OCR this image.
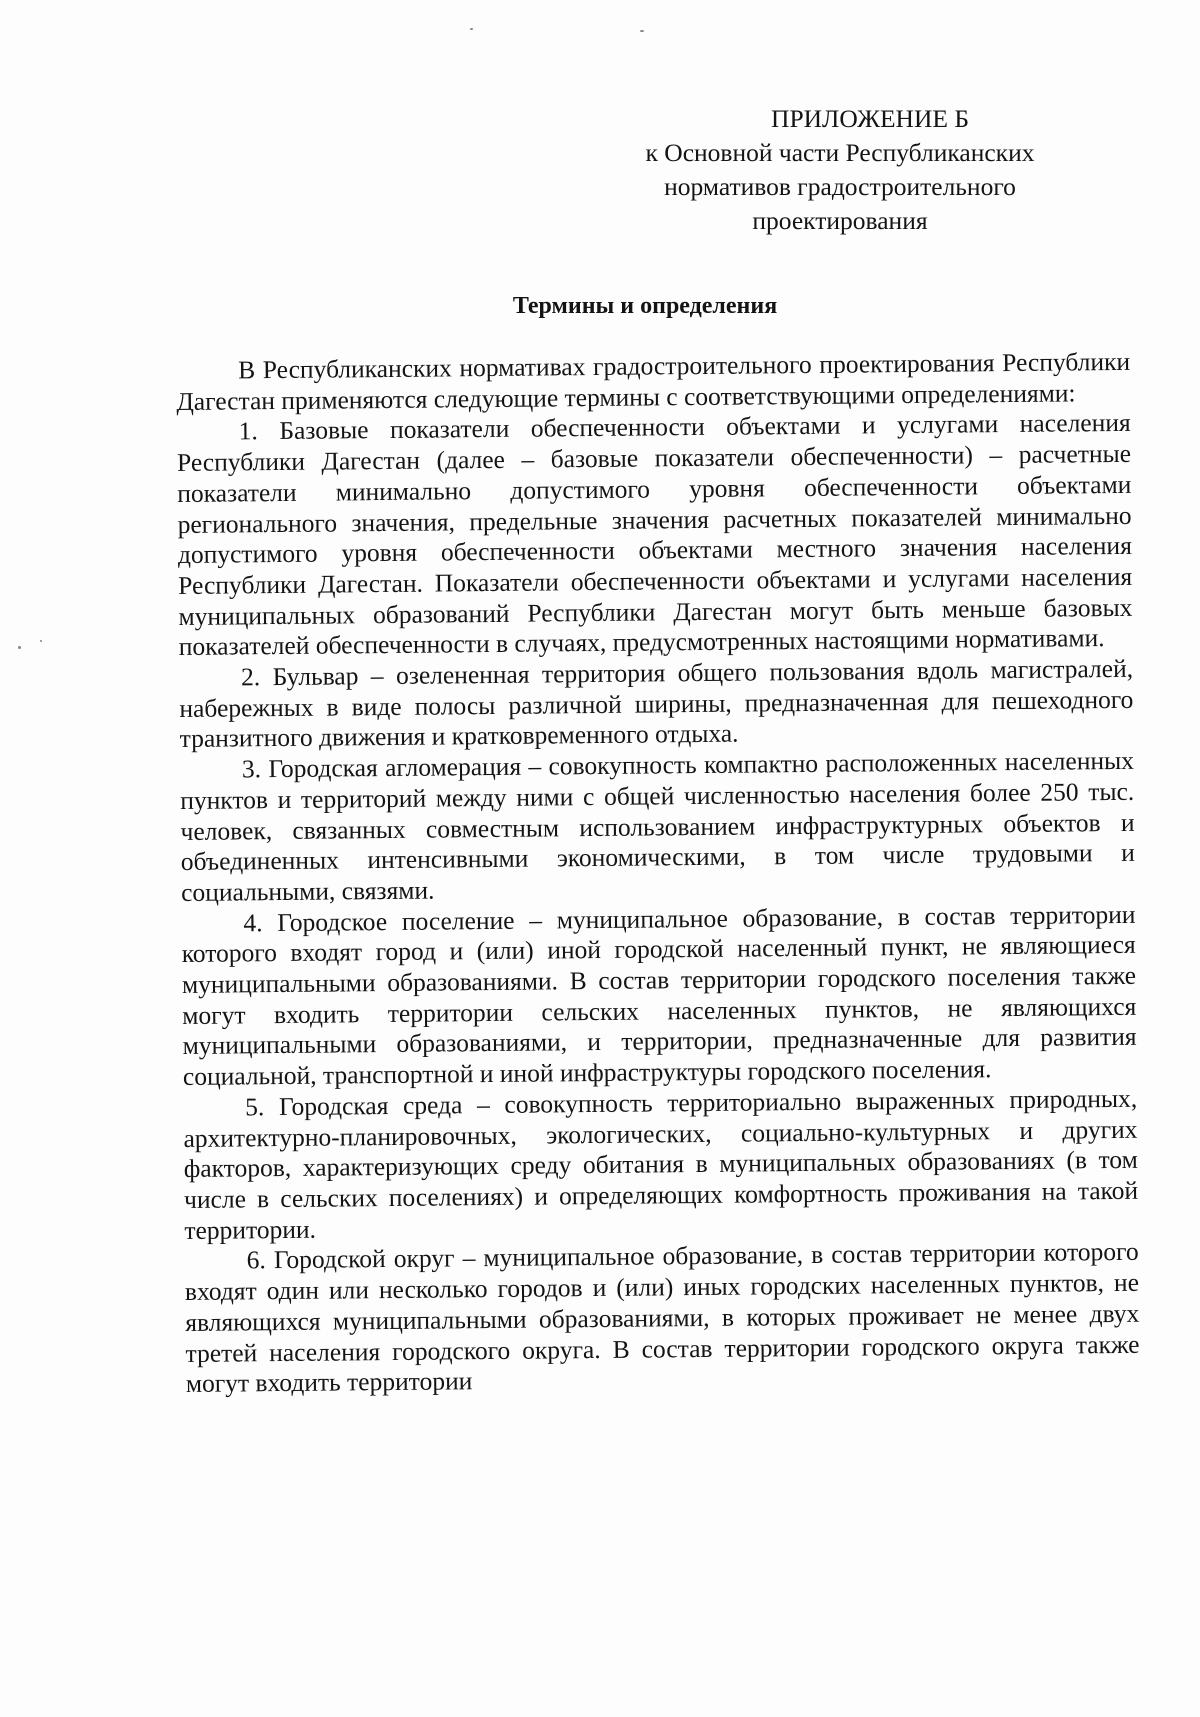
ПРИЛОЖЕНИЕ Б
к Основной части Республиканских
нормативов градостроительного
проектирования
Термины и определения

В Республиканских нормативах градостроительного проектирования Республики Дагестан применяются следующие термины с соответствующими определениями:

1. Базовые показатели обеспеченности объектами и услугами населения Республики Дагестан (далее – базовые показатели обеспеченности) – расчетные показатели минимально допустимого уровня обеспеченности объектами регионального значения, предельные значения расчетных показателей минимально допустимого уровня обеспеченности объектами местного значения населения Республики Дагестан. Показатели обеспеченности объектами и услугами населения муниципальных образований Республики Дагестан могут быть меньше базовых показателей обеспеченности в случаях, предусмотренных настоящими нормативами.

2. Бульвар – озелененная территория общего пользования вдоль магистралей, набережных в виде полосы различной ширины, предназначенная для пешеходного транзитного движения и кратковременного отдыха.

3. Городская агломерация – совокупность компактно расположенных населенных пунктов и территорий между ними с общей численностью населения более 250 тыс. человек, связанных совместным использованием инфраструктурных объектов и объединенных интенсивными экономическими, в том числе трудовыми и социальными, связями.

4. Городское поселение – муниципальное образование, в состав территории которого входят город и (или) иной городской населенный пункт, не являющиеся муниципальными образованиями. В состав территории городского поселения также могут входить территории сельских населенных пунктов, не являющихся муниципальными образованиями, и территории, предназначенные для развития социальной, транспортной и иной инфраструктуры городского поселения.

5. Городская среда – совокупность территориально выраженных природных, архитектурно-планировочных, экологических, социально-культурных и других факторов, характеризующих среду обитания в муниципальных образованиях (в том числе в сельских поселениях) и определяющих комфортность проживания на такой территории.

6. Городской округ – муниципальное образование, в состав территории которого входят один или несколько городов и (или) иных городских населенных пунктов, не являющихся муниципальными образованиями, в которых проживает не менее двух третей населения городского округа. В состав территории городского округа также могут входить территории
